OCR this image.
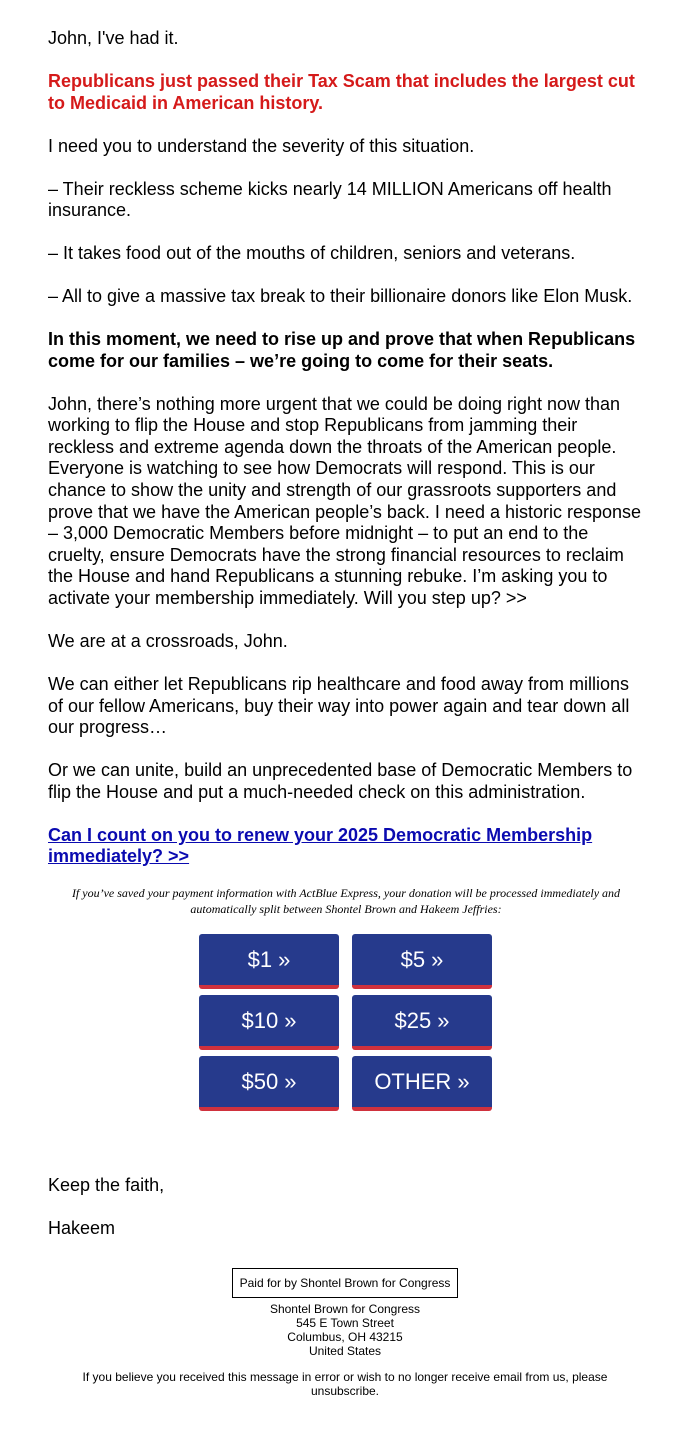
John, I've had it.

Republicans just passed their Tax Scam that includes the largest cut to Medicaid in American history.

I need you to understand the severity of this situation.

– Their reckless scheme kicks nearly 14 MILLION Americans off health insurance.

– It takes food out of the mouths of children, seniors and veterans.

– All to give a massive tax break to their billionaire donors like Elon Musk.

In this moment, we need to rise up and prove that when Republicans come for our families – we’re going to come for their seats.

John, there’s nothing more urgent that we could be doing right now than working to flip the House and stop Republicans from jamming their reckless and extreme agenda down the throats of the American people. Everyone is watching to see how Democrats will respond. This is our chance to show the unity and strength of our grassroots supporters and prove that we have the American people’s back. I need a historic response – 3,000 Democratic Members before midnight – to put an end to the cruelty, ensure Democrats have the strong financial resources to reclaim the House and hand Republicans a stunning rebuke. I’m asking you to activate your membership immediately. Will you step up? >>

We are at a crossroads, John.

We can either let Republicans rip healthcare and food away from millions of our fellow Americans, buy their way into power again and tear down all our progress…

Or we can unite, build an unprecedented base of Democratic Members to flip the House and put a much-needed check on this administration.

Can I count on you to renew your 2025 Democratic Membership immediately? >>

If you’ve saved your payment information with ActBlue Express, your donation will be processed immediately and automatically split between Shontel Brown and Hakeem Jeffries:

$1 »	$5 »
$10 »	$25 »
$50 »	OTHER »

Keep the faith,

Hakeem

Paid for by Shontel Brown for Congress
Shontel Brown for Congress
545 E Town Street
Columbus, OH 43215
United States
If you believe you received this message in error or wish to no longer receive email from us, please unsubscribe.
